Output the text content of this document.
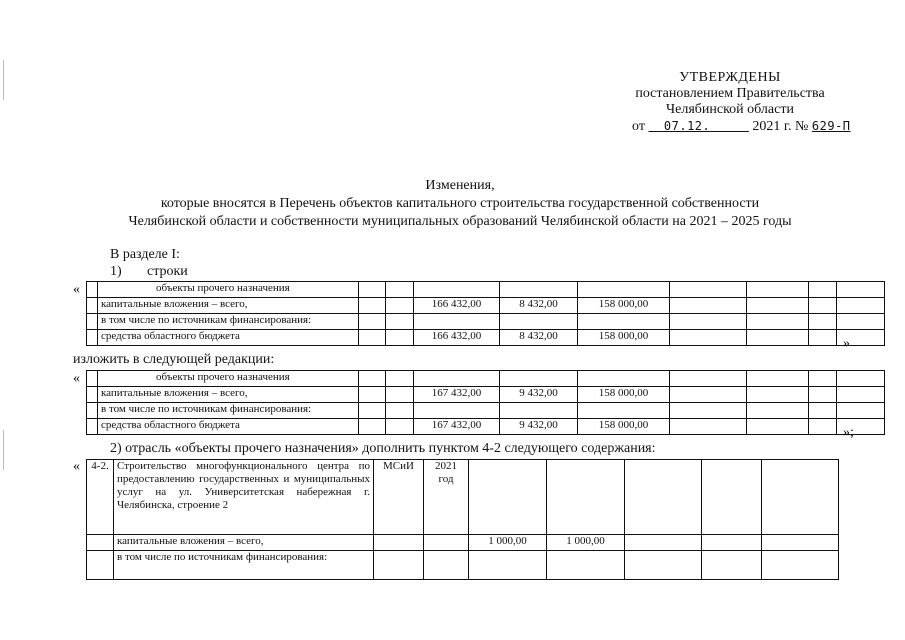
УТВЕРЖДЕНЫ
постановлением Правительства
Челябинской области
от 07.12.	2021 г. № 629-П
Изменения,
которые вносятся в Перечень объектов капитального строительства государственной собственности
Челябинской области и собственности муниципальных образований Челябинской области на 2021 – 2025 годы
В разделе I:
1) строки
«
»
«
»;
«
	объекты прочего назначения									
	капитальные вложения – всего,			166 432,00	8 432,00	158 000,00				
	в том числе по источникам финансирования:									
	средства областного бюджета			166 432,00	8 432,00	158 000,00				
изложить в следующей редакции:
	объекты прочего назначения									
	капитальные вложения – всего,			167 432,00	9 432,00	158 000,00				
	в том числе по источникам финансирования:									
	средства областного бюджета			167 432,00	9 432,00	158 000,00				
2) отрасль «объекты прочего назначения» дополнить пунктом 4-2 следующего содержания:
4-2.	Строительство многофункционального центра по предоставлению государственных и муниципальных услуг на ул. Университетская набережная г. Челябинска, строение 2	МСиИ	2021 год						
	капитальные вложения – всего,			1 000,00	1 000,00				
	в том числе по источникам финансирования:								
